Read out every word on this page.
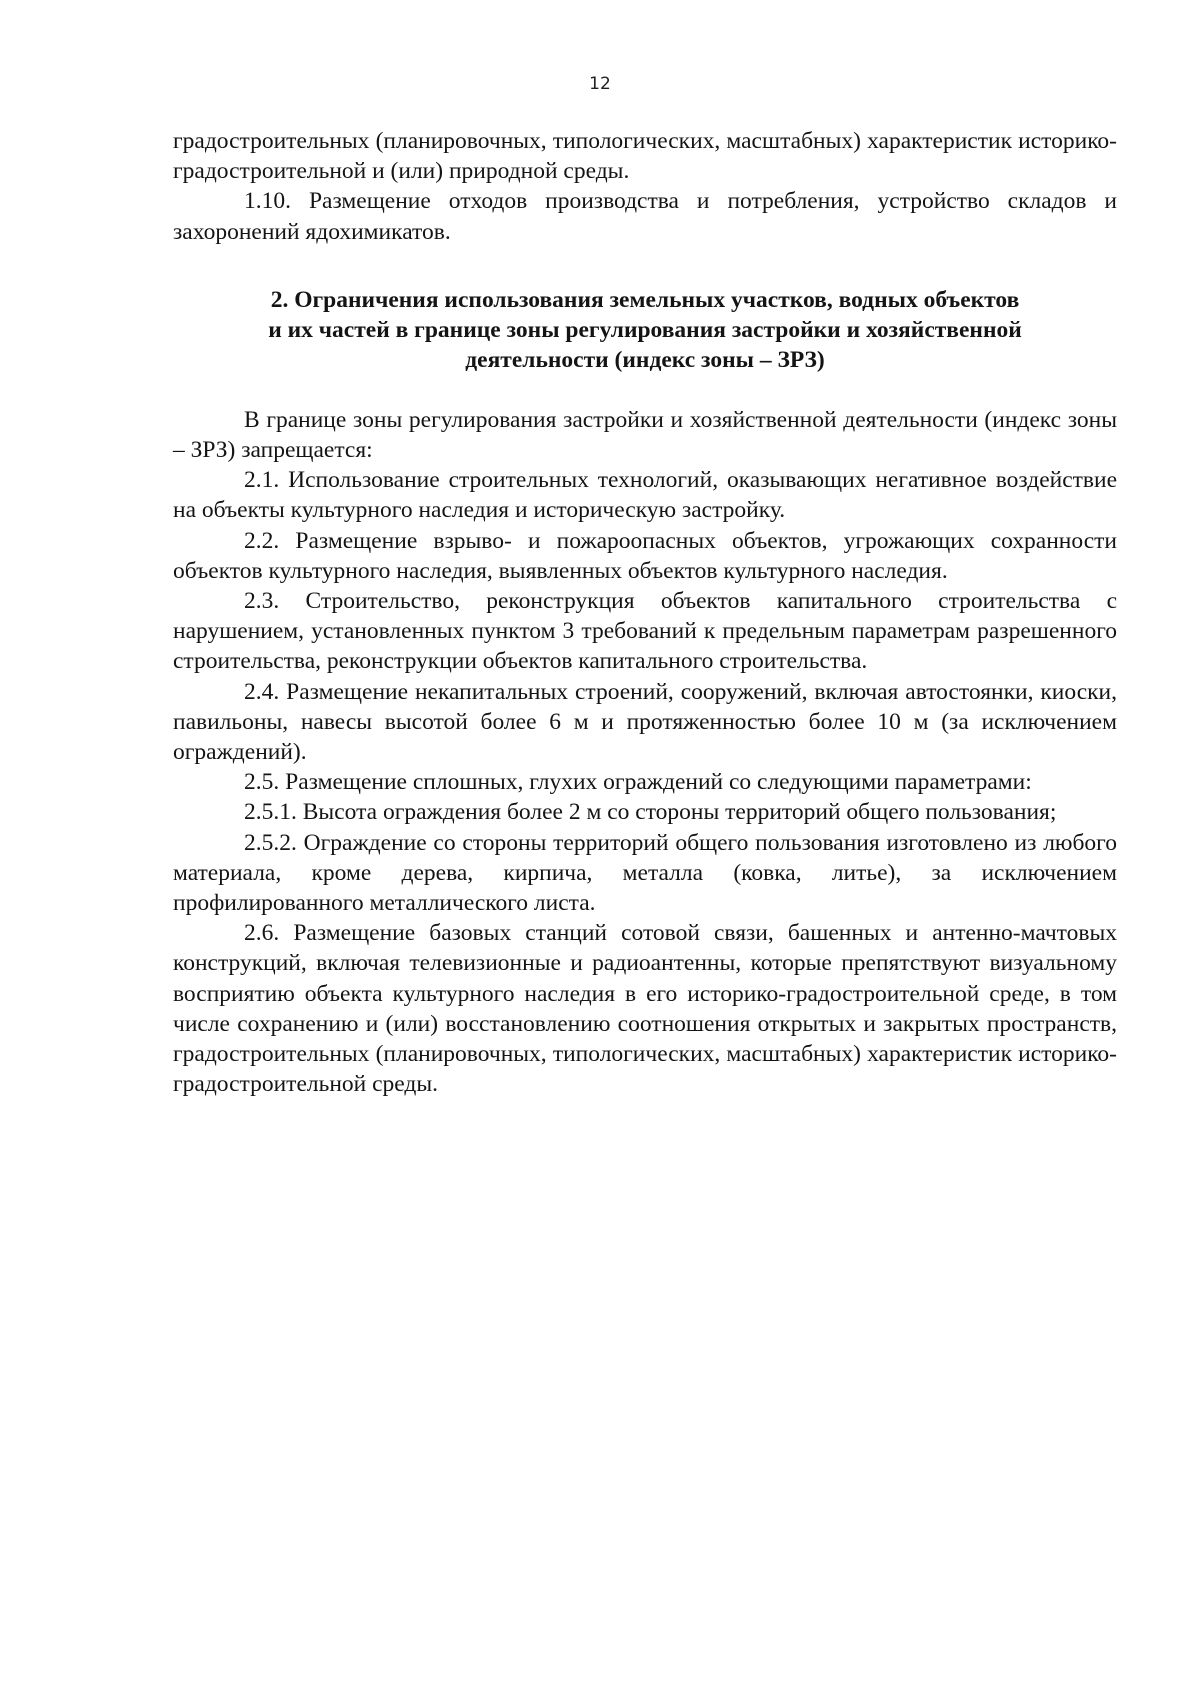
12

градостроительных (планировочных, типологических, масштабных) характеристик историко-градостроительной и (или) природной среды.

1.10. Размещение отходов производства и потребления, устройство складов и захоронений ядохимикатов.

2. Ограничения использования земельных участков, водных объектов

и их частей в границе зоны регулирования застройки и хозяйственной

деятельности (индекс зоны – ЗРЗ)

В границе зоны регулирования застройки и хозяйственной деятельности (индекс зоны – ЗРЗ) запрещается:

2.1. Использование строительных технологий, оказывающих негативное воздействие на объекты культурного наследия и историческую застройку.

2.2. Размещение взрыво- и пожароопасных объектов, угрожающих сохранности объектов культурного наследия, выявленных объектов культурного наследия.

2.3. Строительство, реконструкция объектов капитального строительства с нарушением, установленных пунктом 3 требований к предельным параметрам разрешенного строительства, реконструкции объектов капитального строительства.

2.4. Размещение некапитальных строений, сооружений, включая автостоянки, киоски, павильоны, навесы высотой более 6 м и протяженностью более 10 м (за исключением ограждений).

2.5. Размещение сплошных, глухих ограждений со следующими параметрами:

2.5.1. Высота ограждения более 2 м со стороны территорий общего пользования;

2.5.2. Ограждение со стороны территорий общего пользования изготовлено из любого материала, кроме дерева, кирпича, металла (ковка, литье), за исключением профилированного металлического листа.

2.6. Размещение базовых станций сотовой связи, башенных и антенно-мачтовых конструкций, включая телевизионные и радиоантенны, которые препятствуют визуальному восприятию объекта культурного наследия в его историко-градостроительной среде, в том числе сохранению и (или) восстановлению соотношения открытых и закрытых пространств, градостроительных (планировочных, типологических, масштабных) характеристик историко-градостроительной среды.
